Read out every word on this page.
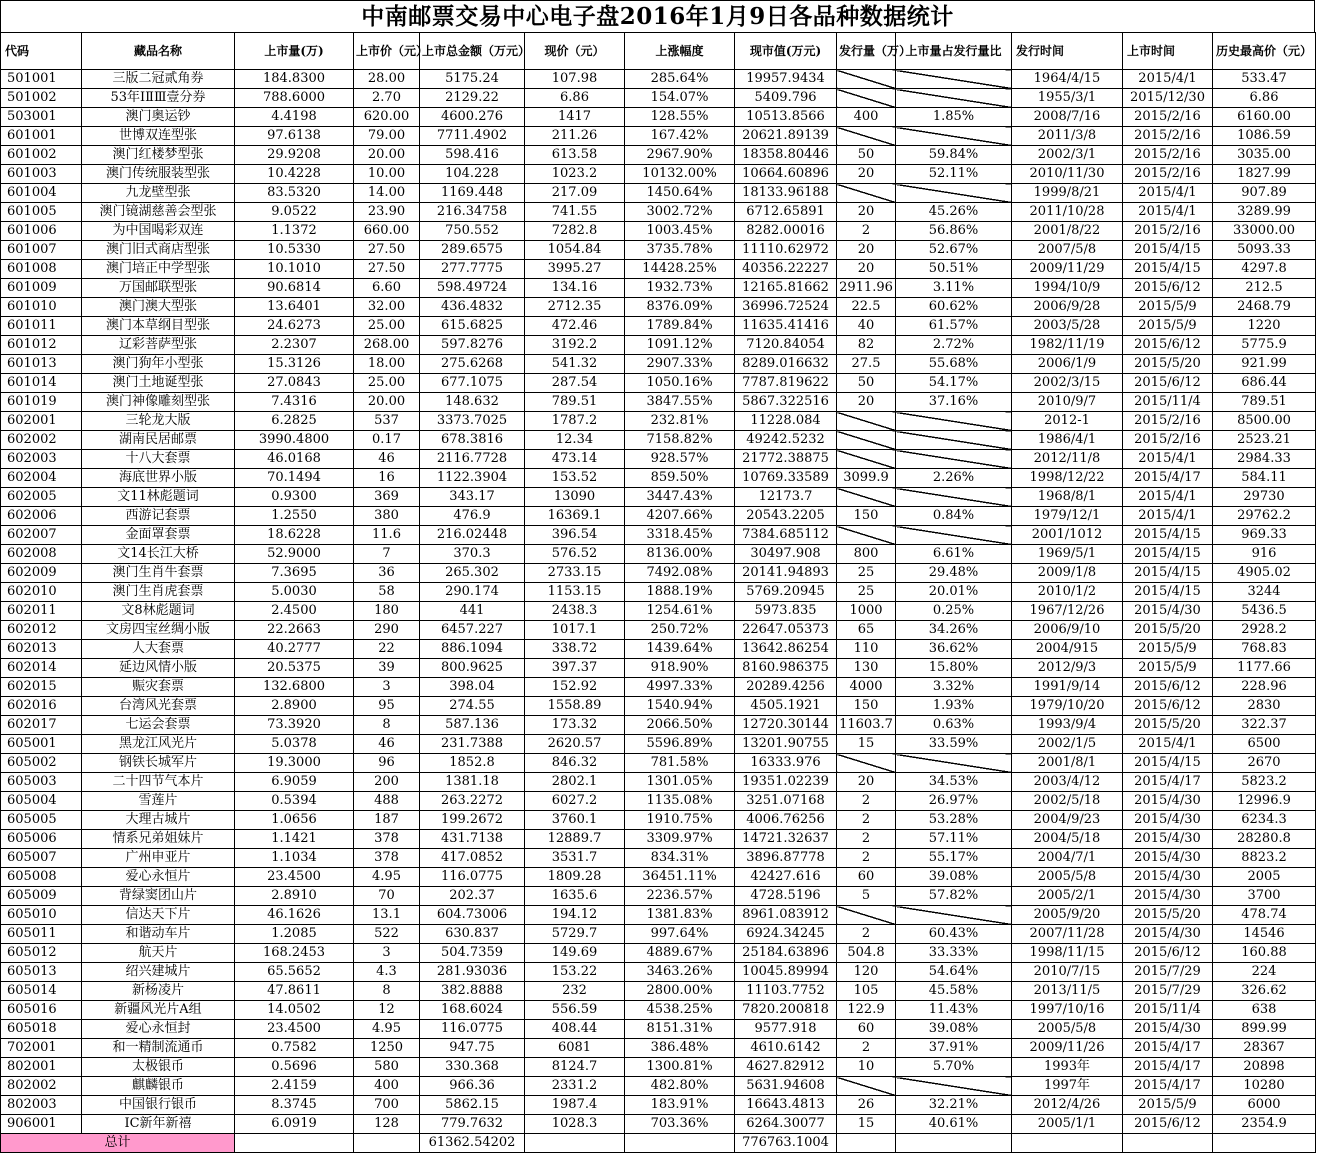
中南邮票交易中心电子盘2016年1月9日各品种数据统计
代码	藏品名称	上市量(万)	上市价（元）	上市总金额（万元）	现价（元）	上涨幅度	现市值(万元)	发行量（万）	上市量占发行量比	发行时间	上市时间	历史最高价（元）
501001	三版二冠贰角券	184.8300	28.00	5175.24	107.98	285.64%	19957.9434			1964/4/15	2015/4/1	533.47
501002	53年ⅠⅡⅢ壹分券	788.6000	2.70	2129.22	6.86	154.07%	5409.796			1955/3/1	2015/12/30	6.86
503001	澳门奥运钞	4.4198	620.00	4600.276	1417	128.55%	10513.8566	400	1.85%	2008/7/16	2015/2/16	6160.00
601001	世博双连型张	97.6138	79.00	7711.4902	211.26	167.42%	20621.89139			2011/3/8	2015/2/16	1086.59
601002	澳门红楼梦型张	29.9208	20.00	598.416	613.58	2967.90%	18358.80446	50	59.84%	2002/3/1	2015/2/16	3035.00
601003	澳门传统服装型张	10.4228	10.00	104.228	1023.2	10132.00%	10664.60896	20	52.11%	2010/11/30	2015/2/16	1827.99
601004	九龙壁型张	83.5320	14.00	1169.448	217.09	1450.64%	18133.96188			1999/8/21	2015/4/1	907.89
601005	澳门镜湖慈善会型张	9.0522	23.90	216.34758	741.55	3002.72%	6712.65891	20	45.26%	2011/10/28	2015/4/1	3289.99
601006	为中国喝彩双连	1.1372	660.00	750.552	7282.8	1003.45%	8282.00016	2	56.86%	2001/8/22	2015/2/16	33000.00
601007	澳门旧式商店型张	10.5330	27.50	289.6575	1054.84	3735.78%	11110.62972	20	52.67%	2007/5/8	2015/4/15	5093.33
601008	澳门培正中学型张	10.1010	27.50	277.7775	3995.27	14428.25%	40356.22227	20	50.51%	2009/11/29	2015/4/15	4297.8
601009	万国邮联型张	90.6814	6.60	598.49724	134.16	1932.73%	12165.81662	2911.96	3.11%	1994/10/9	2015/6/12	212.5
601010	澳门澳大型张	13.6401	32.00	436.4832	2712.35	8376.09%	36996.72524	22.5	60.62%	2006/9/28	2015/5/9	2468.79
601011	澳门本草纲目型张	24.6273	25.00	615.6825	472.46	1789.84%	11635.41416	40	61.57%	2003/5/28	2015/5/9	1220
601012	辽彩菩萨型张	2.2307	268.00	597.8276	3192.2	1091.12%	7120.84054	82	2.72%	1982/11/19	2015/6/12	5775.9
601013	澳门狗年小型张	15.3126	18.00	275.6268	541.32	2907.33%	8289.016632	27.5	55.68%	2006/1/9	2015/5/20	921.99
601014	澳门土地诞型张	27.0843	25.00	677.1075	287.54	1050.16%	7787.819622	50	54.17%	2002/3/15	2015/6/12	686.44
601019	澳门神像雕刻型张	7.4316	20.00	148.632	789.51	3847.55%	5867.322516	20	37.16%	2010/9/7	2015/11/4	789.51
602001	三轮龙大版	6.2825	537	3373.7025	1787.2	232.81%	11228.084			2012-1	2015/2/16	8500.00
602002	湖南民居邮票	3990.4800	0.17	678.3816	12.34	7158.82%	49242.5232			1986/4/1	2015/2/16	2523.21
602003	十八大套票	46.0168	46	2116.7728	473.14	928.57%	21772.38875			2012/11/8	2015/4/1	2984.33
602004	海底世界小版	70.1494	16	1122.3904	153.52	859.50%	10769.33589	3099.9	2.26%	1998/12/22	2015/4/17	584.11
602005	文11林彪题词	0.9300	369	343.17	13090	3447.43%	12173.7			1968/8/1	2015/4/1	29730
602006	西游记套票	1.2550	380	476.9	16369.1	4207.66%	20543.2205	150	0.84%	1979/12/1	2015/4/1	29762.2
602007	金面罩套票	18.6228	11.6	216.02448	396.54	3318.45%	7384.685112			2001/1012	2015/4/15	969.33
602008	文14长江大桥	52.9000	7	370.3	576.52	8136.00%	30497.908	800	6.61%	1969/5/1	2015/4/15	916
602009	澳门生肖牛套票	7.3695	36	265.302	2733.15	7492.08%	20141.94893	25	29.48%	2009/1/8	2015/4/15	4905.02
602010	澳门生肖虎套票	5.0030	58	290.174	1153.15	1888.19%	5769.20945	25	20.01%	2010/1/2	2015/4/15	3244
602011	文8林彪题词	2.4500	180	441	2438.3	1254.61%	5973.835	1000	0.25%	1967/12/26	2015/4/30	5436.5
602012	文房四宝丝绸小版	22.2663	290	6457.227	1017.1	250.72%	22647.05373	65	34.26%	2006/9/10	2015/5/20	2928.2
602013	人大套票	40.2777	22	886.1094	338.72	1439.64%	13642.86254	110	36.62%	2004/915	2015/5/9	768.83
602014	延边风情小版	20.5375	39	800.9625	397.37	918.90%	8160.986375	130	15.80%	2012/9/3	2015/5/9	1177.66
602015	赈灾套票	132.6800	3	398.04	152.92	4997.33%	20289.4256	4000	3.32%	1991/9/14	2015/6/12	228.96
602016	台湾风光套票	2.8900	95	274.55	1558.89	1540.94%	4505.1921	150	1.93%	1979/10/20	2015/6/12	2830
602017	七运会套票	73.3920	8	587.136	173.32	2066.50%	12720.30144	11603.7	0.63%	1993/9/4	2015/5/20	322.37
605001	黑龙江风光片	5.0378	46	231.7388	2620.57	5596.89%	13201.90755	15	33.59%	2002/1/5	2015/4/1	6500
605002	钢铁长城军片	19.3000	96	1852.8	846.32	781.58%	16333.976			2001/8/1	2015/4/15	2670
605003	二十四节气本片	6.9059	200	1381.18	2802.1	1301.05%	19351.02239	20	34.53%	2003/4/12	2015/4/17	5823.2
605004	雪莲片	0.5394	488	263.2272	6027.2	1135.08%	3251.07168	2	26.97%	2002/5/18	2015/4/30	12996.9
605005	大理古城片	1.0656	187	199.2672	3760.1	1910.75%	4006.76256	2	53.28%	2004/9/23	2015/4/30	6234.3
605006	情系兄弟姐妹片	1.1421	378	431.7138	12889.7	3309.97%	14721.32637	2	57.11%	2004/5/18	2015/4/30	28280.8
605007	广州申亚片	1.1034	378	417.0852	3531.7	834.31%	3896.87778	2	55.17%	2004/7/1	2015/4/30	8823.2
605008	爱心永恒片	23.4500	4.95	116.0775	1809.28	36451.11%	42427.616	60	39.08%	2005/5/8	2015/4/30	2005
605009	背绿窦团山片	2.8910	70	202.37	1635.6	2236.57%	4728.5196	5	57.82%	2005/2/1	2015/4/30	3700
605010	信达天下片	46.1626	13.1	604.73006	194.12	1381.83%	8961.083912			2005/9/20	2015/5/20	478.74
605011	和谐动车片	1.2085	522	630.837	5729.7	997.64%	6924.34245	2	60.43%	2007/11/28	2015/4/30	14546
605012	航天片	168.2453	3	504.7359	149.69	4889.67%	25184.63896	504.8	33.33%	1998/11/15	2015/6/12	160.88
605013	绍兴建城片	65.5652	4.3	281.93036	153.22	3463.26%	10045.89994	120	54.64%	2010/7/15	2015/7/29	224
605014	新杨凌片	47.8611	8	382.8888	232	2800.00%	11103.7752	105	45.58%	2013/11/5	2015/7/29	326.62
605016	新疆风光片A组	14.0502	12	168.6024	556.59	4538.25%	7820.200818	122.9	11.43%	1997/10/16	2015/11/4	638
605018	爱心永恒封	23.4500	4.95	116.0775	408.44	8151.31%	9577.918	60	39.08%	2005/5/8	2015/4/30	899.99
702001	和一精制流通币	0.7582	1250	947.75	6081	386.48%	4610.6142	2	37.91%	2009/11/26	2015/4/17	28367
802001	太极银币	0.5696	580	330.368	8124.7	1300.81%	4627.82912	10	5.70%	1993年	2015/4/17	20898
802002	麒麟银币	2.4159	400	966.36	2331.2	482.80%	5631.94608			1997年	2015/4/17	10280
802003	中国银行银币	8.3745	700	5862.15	1987.4	183.91%	16643.4813	26	32.21%	2012/4/26	2015/5/9	6000
906001	IC新年新禧	6.0919	128	779.7632	1028.3	703.36%	6264.30077	15	40.61%	2005/1/1	2015/6/12	2354.9
总计				61362.54202			776763.1004					
